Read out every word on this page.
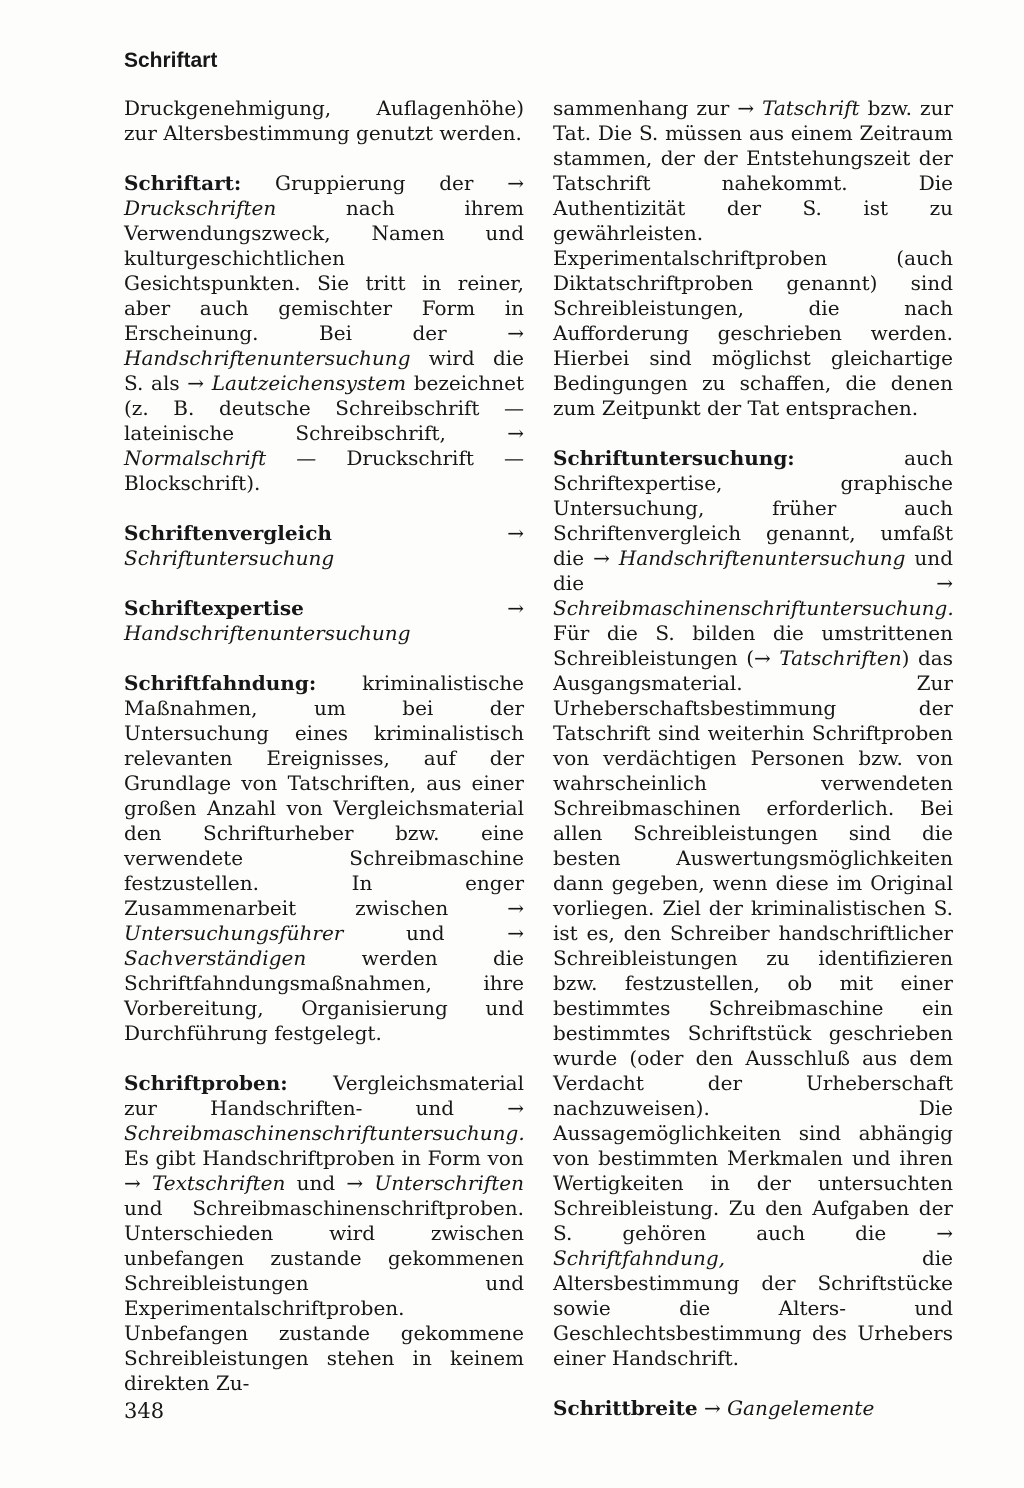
Schriftart

Druckgenehmigung, Auflagenhöhe) zur Altersbestimmung genutzt werden.

Schriftart: Gruppierung der → Druckschriften nach ihrem Verwendungszweck, Namen und kulturgeschichtlichen Gesichtspunkten. Sie tritt in reiner, aber auch gemischter Form in Erscheinung. Bei der → Handschriftenuntersuchung wird die S. als → Lautzeichensystem bezeichnet (z. B. deutsche Schreibschrift — lateinische Schreibschrift, → Normalschrift — Druckschrift — Blockschrift).

Schriftenvergleich	→ Schriftuntersuchung

Schriftexpertise	→ Handschriftenuntersuchung

Schriftfahndung: kriminalistische Maßnahmen, um bei der Untersuchung eines kriminalistisch relevanten Ereignisses, auf der Grundlage von Tatschriften, aus einer großen Anzahl von Vergleichsmaterial den Schrifturheber bzw. eine verwendete Schreibmaschine festzustellen. In enger Zusammenarbeit zwischen → Untersuchungsführer und → Sachverständigen werden die Schriftfahndungsmaßnahmen, ihre Vorbereitung, Organisierung und Durchführung festgelegt.

Schriftproben: Vergleichsmaterial zur Handschriften- und → Schreibmaschinenschriftuntersuchung. Es gibt Handschriftproben in Form von → Textschriften und → Unterschriften und Schreibmaschinenschriftproben. Unterschieden wird zwischen unbefangen zustande gekommenen Schreibleistungen und Experimentalschriftproben. Unbefangen zustande gekommene Schreibleistungen stehen in keinem direkten Zu-

sammenhang zur → Tatschrift bzw. zur Tat. Die S. müssen aus einem Zeitraum stammen, der der Entstehungszeit der Tatschrift nahekommt. Die Authentizität der S. ist zu gewährleisten.

Experimentalschriftproben (auch Diktatschriftproben genannt) sind Schreibleistungen, die nach Aufforderung geschrieben werden. Hierbei sind möglichst gleichartige Bedingungen zu schaffen, die denen zum Zeitpunkt der Tat entsprachen.

Schriftuntersuchung: auch Schriftexpertise, graphische Untersuchung, früher auch Schriftenvergleich genannt, umfaßt die → Handschriftenuntersuchung und die → Schreibmaschinenschriftuntersuchung.

Für die S. bilden die umstrittenen Schreibleistungen (→ Tatschriften) das Ausgangsmaterial. Zur Urheberschaftsbestimmung der Tatschrift sind weiterhin Schriftproben von verdächtigen Personen bzw. von wahrscheinlich verwendeten Schreibmaschinen erforderlich. Bei allen Schreibleistungen sind die besten Auswertungsmöglichkeiten dann gegeben, wenn diese im Original vorliegen. Ziel der kriminalistischen S. ist es, den Schreiber handschriftlicher Schreibleistungen zu identifizieren bzw. festzustellen, ob mit einer bestimmtes Schreibmaschine ein bestimmtes Schriftstück geschrieben wurde (oder den Ausschluß aus dem Verdacht der Urheberschaft nachzuweisen). Die Aussagemöglichkeiten sind abhängig von bestimmten Merkmalen und ihren Wertigkeiten in der untersuchten Schreibleistung. Zu den Aufgaben der S. gehören auch die → Schriftfahndung, die Altersbestimmung der Schriftstücke sowie die Alters- und Geschlechtsbestimmung des Urhebers einer Handschrift.

Schrittbreite → Gangelemente

348
